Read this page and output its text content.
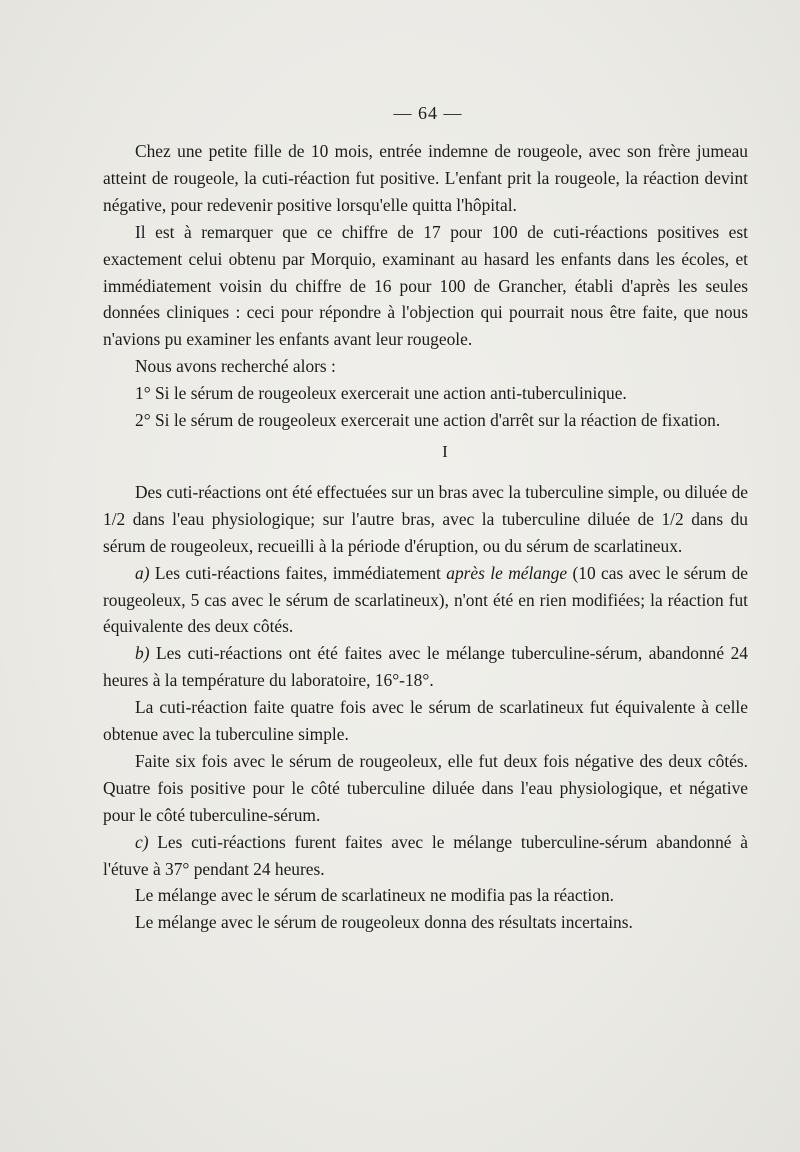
— 64 —

Chez une petite fille de 10 mois, entrée indemne de rougeole, avec son frère jumeau atteint de rougeole, la cuti-réaction fut positive. L'enfant prit la rougeole, la réaction devint négative, pour redevenir positive lorsqu'elle quitta l'hôpital.

Il est à remarquer que ce chiffre de 17 pour 100 de cuti-réactions positives est exactement celui obtenu par Morquio, examinant au hasard les enfants dans les écoles, et immédiatement voisin du chiffre de 16 pour 100 de Grancher, établi d'après les seules données cliniques : ceci pour répondre à l'objection qui pourrait nous être faite, que nous n'avions pu examiner les enfants avant leur rougeole.

Nous avons recherché alors :

1° Si le sérum de rougeoleux exercerait une action anti-tuberculinique.

2° Si le sérum de rougeoleux exercerait une action d'arrêt sur la réaction de fixation.

I

Des cuti-réactions ont été effectuées sur un bras avec la tuberculine simple, ou diluée de 1/2 dans l'eau physiologique; sur l'autre bras, avec la tuberculine diluée de 1/2 dans du sérum de rougeoleux, recueilli à la période d'éruption, ou du sérum de scarlatineux.

a) Les cuti-réactions faites, immédiatement après le mélange (10 cas avec le sérum de rougeoleux, 5 cas avec le sérum de scarlatineux), n'ont été en rien modifiées; la réaction fut équivalente des deux côtés.

b) Les cuti-réactions ont été faites avec le mélange tuberculine-sérum, abandonné 24 heures à la température du laboratoire, 16°-18°.

La cuti-réaction faite quatre fois avec le sérum de scarlatineux fut équivalente à celle obtenue avec la tuberculine simple.

Faite six fois avec le sérum de rougeoleux, elle fut deux fois négative des deux côtés. Quatre fois positive pour le côté tuberculine diluée dans l'eau physiologique, et négative pour le côté tuberculine-sérum.

c) Les cuti-réactions furent faites avec le mélange tuberculine-sérum abandonné à l'étuve à 37° pendant 24 heures.

Le mélange avec le sérum de scarlatineux ne modifia pas la réaction.

Le mélange avec le sérum de rougeoleux donna des résultats incertains.
